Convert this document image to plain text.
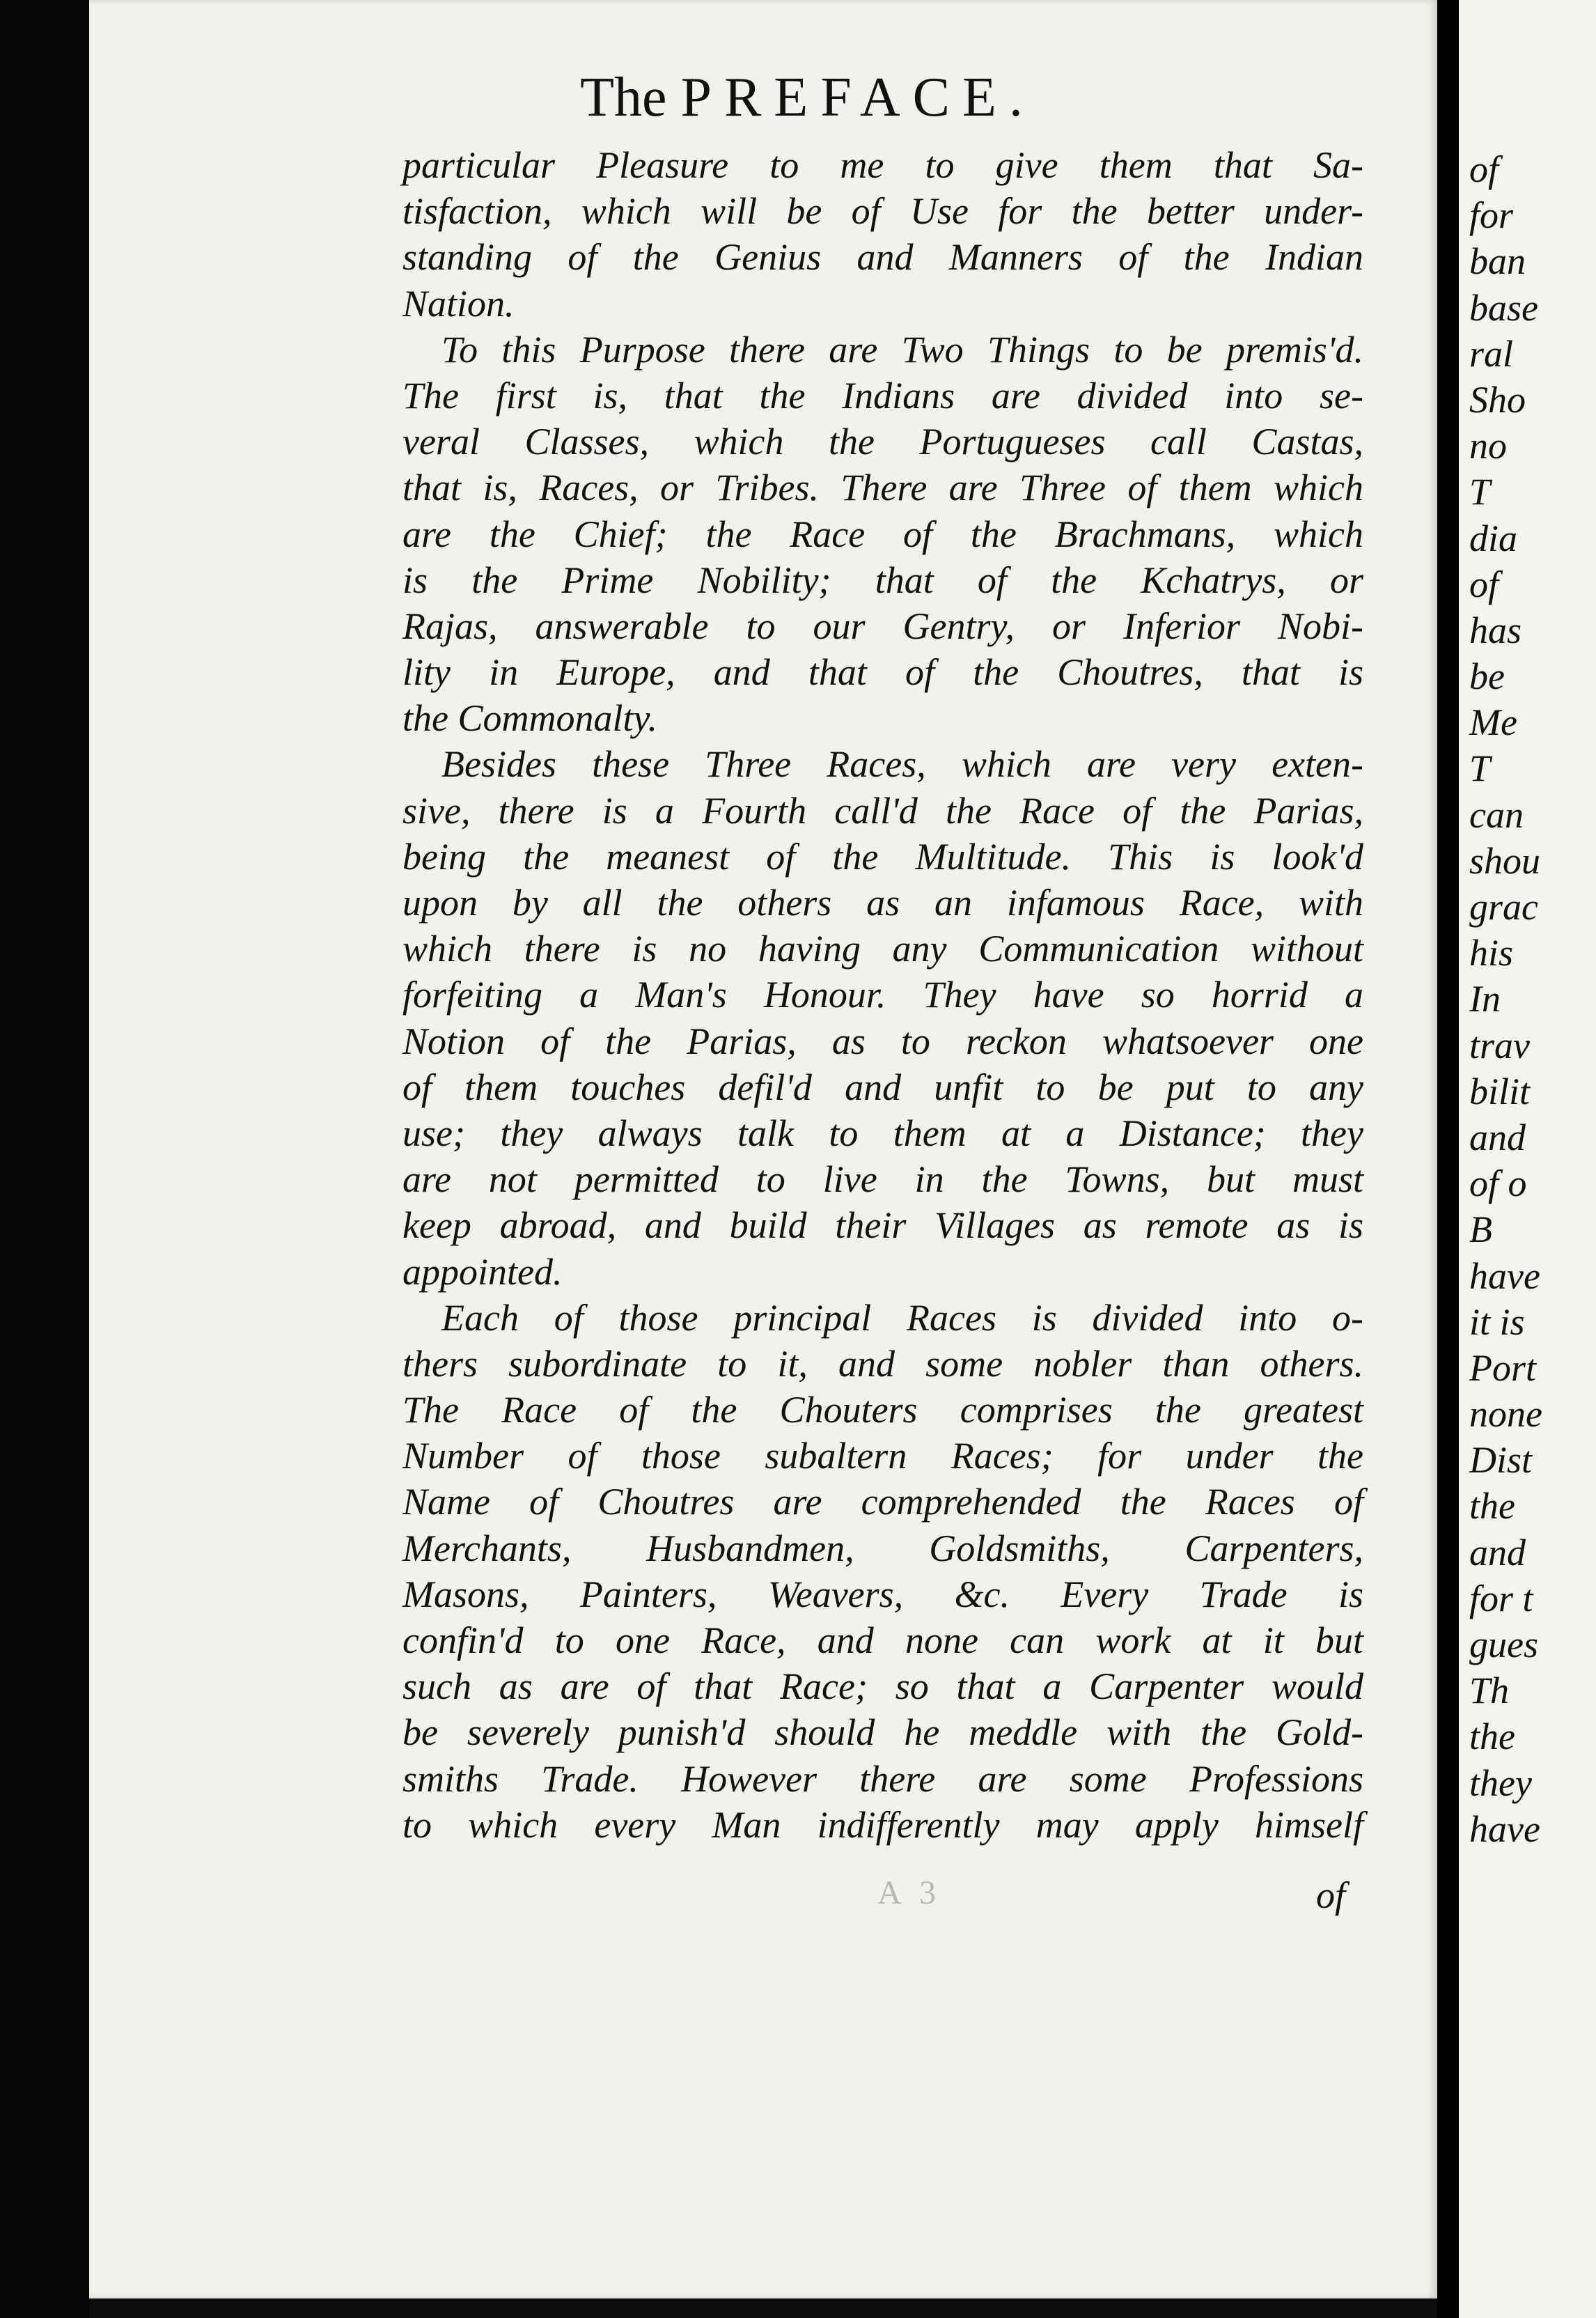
The PREFACE.
particular Pleasure to me to give them that Sa-
tisfaction, which will be of Use for the better under-
standing of the Genius and Manners of the Indian
Nation.
To this Purpose there are Two Things to be premis'd.
The first is, that the Indians are divided into se-
veral Classes, which the Portugueses call Castas,
that is, Races, or Tribes. There are Three of them which
are the Chief; the Race of the Brachmans, which
is the Prime Nobility; that of the Kchatrys, or
Rajas, answerable to our Gentry, or Inferior Nobi-
lity in Europe, and that of the Choutres, that is
the Commonalty.
Besides these Three Races, which are very exten-
sive, there is a Fourth call'd the Race of the Parias,
being the meanest of the Multitude. This is look'd
upon by all the others as an infamous Race, with
which there is no having any Communication without
forfeiting a Man's Honour. They have so horrid a
Notion of the Parias, as to reckon whatsoever one
of them touches defil'd and unfit to be put to any
use; they always talk to them at a Distance; they
are not permitted to live in the Towns, but must
keep abroad, and build their Villages as remote as is
appointed.
Each of those principal Races is divided into o-
thers subordinate to it, and some nobler than others.
The Race of the Chouters comprises the greatest
Number of those subaltern Races; for under the
Name of Choutres are comprehended the Races of
Merchants, Husbandmen, Goldsmiths, Carpenters,
Masons, Painters, Weavers, &c. Every Trade is
confin'd to one Race, and none can work at it but
such as are of that Race; so that a Carpenter would
be severely punish'd should he meddle with the Gold-
smiths Trade. However there are some Professions
to which every Man indifferently may apply himself
A 3	of
of
for
ban
base
ral
Sho
no
T
dia
of
has
be
Me
T
can
shou
grac
his
In
trav
bilit
and
of o
B
have
it is
Port
none
Dist
the
and
for t
gues
Th
the
they
have
